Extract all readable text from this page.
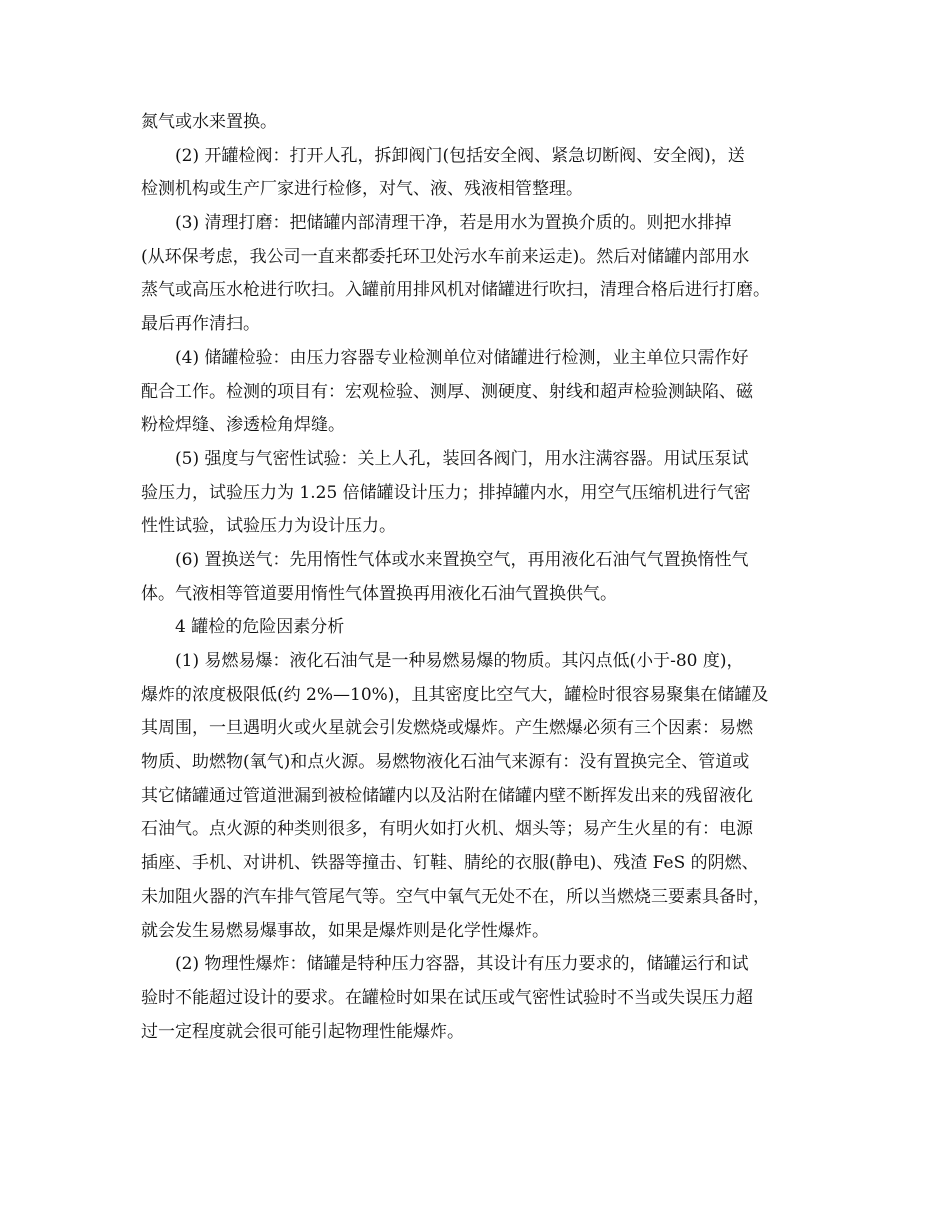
氮气或水来置换。
(2) 开罐检阀：打开人孔，拆卸阀门(包括安全阀、紧急切断阀、安全阀)，送
检测机构或生产厂家进行检修，对气、液、残液相管整理。
(3) 清理打磨：把储罐内部清理干净，若是用水为置换介质的。则把水排掉
(从环保考虑，我公司一直来都委托环卫处污水车前来运走)。然后对储罐内部用水
蒸气或高压水枪进行吹扫。入罐前用排风机对储罐进行吹扫，清理合格后进行打磨。
最后再作清扫。
(4) 储罐检验：由压力容器专业检测单位对储罐进行检测，业主单位只需作好
配合工作。检测的项目有：宏观检验、测厚、测硬度、射线和超声检验测缺陷、磁
粉检焊缝、渗透检角焊缝。
(5) 强度与气密性试验：关上人孔，装回各阀门，用水注满容器。用试压泵试
验压力，试验压力为 1.25 倍储罐设计压力；排掉罐内水，用空气压缩机进行气密
性性试验，试验压力为设计压力。
(6) 置换送气：先用惰性气体或水来置换空气，再用液化石油气气置换惰性气
体。气液相等管道要用惰性气体置换再用液化石油气置换供气。
4 罐检的危险因素分析
(1) 易燃易爆：液化石油气是一种易燃易爆的物质。其闪点低(小于-80 度)，
爆炸的浓度极限低(约 2%—10%)，且其密度比空气大，罐检时很容易聚集在储罐及
其周围，一旦遇明火或火星就会引发燃烧或爆炸。产生燃爆必须有三个因素：易燃
物质、助燃物(氧气)和点火源。易燃物液化石油气来源有：没有置换完全、管道或
其它储罐通过管道泄漏到被检储罐内以及沾附在储罐内壁不断挥发出来的残留液化
石油气。点火源的种类则很多，有明火如打火机、烟头等；易产生火星的有：电源
插座、手机、对讲机、铁器等撞击、钉鞋、腈纶的衣服(静电)、残渣 FeS 的阴燃、
未加阻火器的汽车排气管尾气等。空气中氧气无处不在，所以当燃烧三要素具备时，
就会发生易燃易爆事故，如果是爆炸则是化学性爆炸。
(2) 物理性爆炸：储罐是特种压力容器，其设计有压力要求的，储罐运行和试
验时不能超过设计的要求。在罐检时如果在试压或气密性试验时不当或失误压力超
过一定程度就会很可能引起物理性能爆炸。
